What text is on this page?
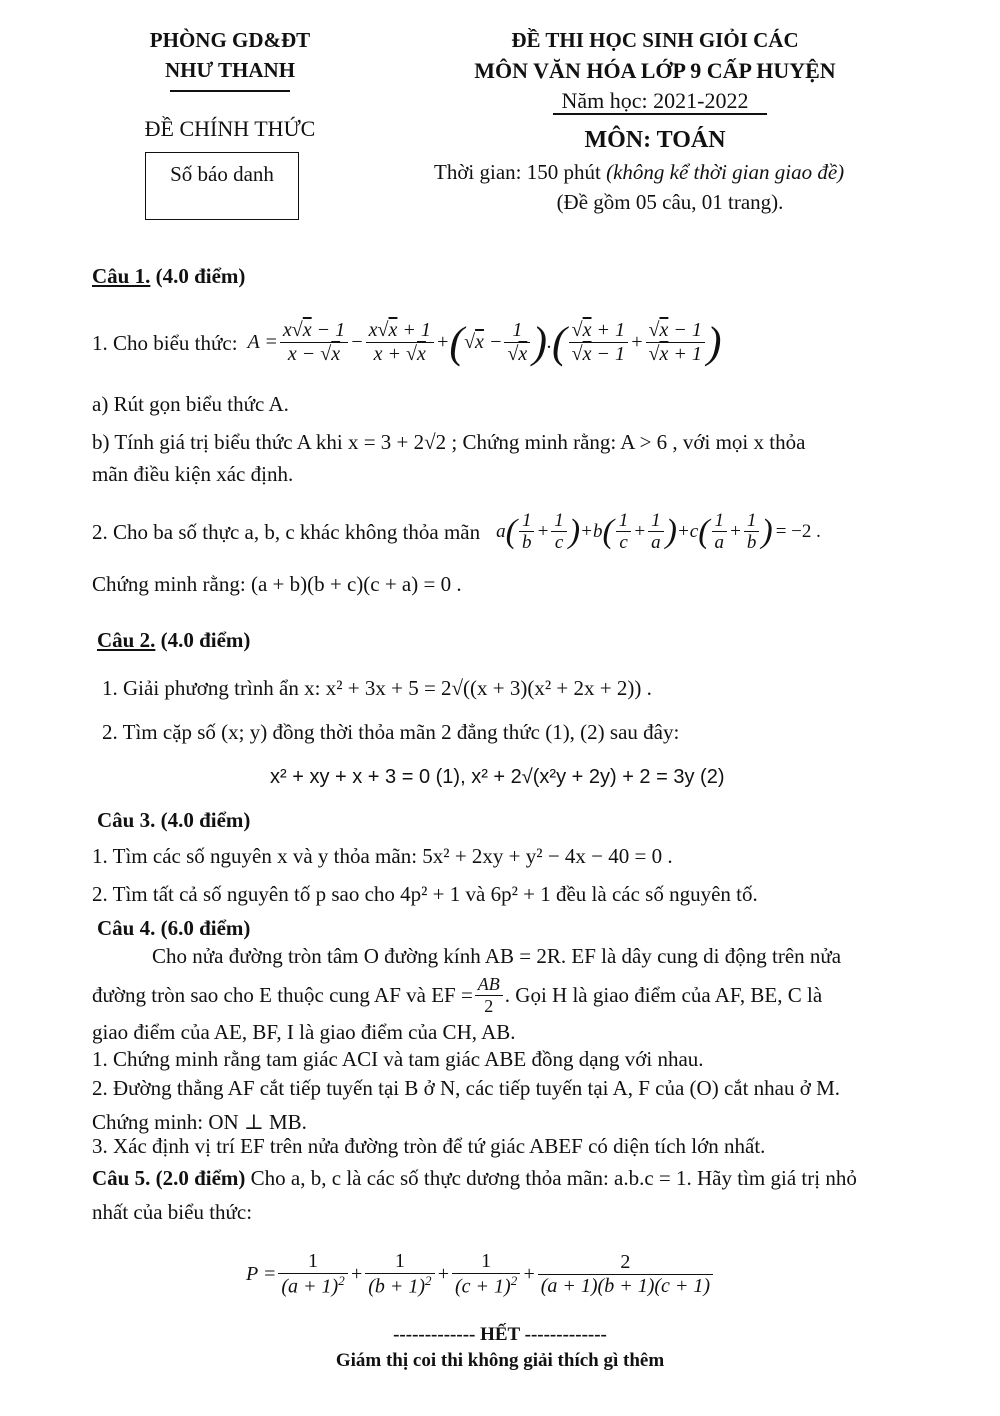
PHÒNG GD&ĐT
NHƯ THANH
ĐỀ CHÍNH THỨC
Số báo danh
ĐỀ THI HỌC SINH GIỎI CÁC
MÔN VĂN HÓA LỚP 9 CẤP HUYỆN
Năm học: 2021-2022
MÔN: TOÁN
Thời gian: 150 phút (không kể thời gian giao đề)
(Đề gồm 05 câu, 01 trang).
Câu 1. (4.0 điểm)
1. Cho biểu thức: $A = \frac{x√x - 1}{x - √x} - \frac{x√x + 1}{x + √x}$ + ( $√x - \frac{1}{√x}$ ) . ( $\frac{√x + 1}{√x - 1} + \frac{√x - 1}{√x + 1}$ )
a) Rút gọn biểu thức A.
b) Tính giá trị biểu thức A khi x = 3 + 2√2 ; Chứng minh rằng: A > 6 , với mọi x thỏa
mãn điều kiện xác định.
2. Cho ba số thực a, b, c khác không thỏa mãn a ( $\frac{1}{b} + \frac{1}{c}$ ) +b ( $\frac{1}{c} + \frac{1}{a}$ ) +c ( $\frac{1}{a} + \frac{1}{b}$ ) = −2 .
Chứng minh rằng: (a + b)(b + c)(c + a) = 0 .
Câu 2. (4.0 điểm)
1. Giải phương trình ẩn x: x² + 3x + 5 = 2√((x + 3)(x² + 2x + 2)) .
2. Tìm cặp số (x; y) đồng thời thỏa mãn 2 đẳng thức (1), (2) sau đây:
x² + xy + x + 3 = 0 (1), x² + 2√(x²y + 2y) + 2 = 3y (2)
Câu 3. (4.0 điểm)
1. Tìm các số nguyên x và y thỏa mãn: 5x² + 2xy + y² − 4x − 40 = 0 .
2. Tìm tất cả số nguyên tố p sao cho 4p² + 1 và 6p² + 1 đều là các số nguyên tố.
Câu 4. (6.0 điểm)
Cho nửa đường tròn tâm O đường kính AB = 2R. EF là dây cung di động trên nửa
đường tròn sao cho E thuộc cung AF và EF = $\frac{AB}{2}$ . Gọi H là giao điểm của AF, BE, C là
giao điểm của AE, BF, I là giao điểm của CH, AB.
1. Chứng minh rằng tam giác ACI và tam giác ABE đồng dạng với nhau.
2. Đường thẳng AF cắt tiếp tuyến tại B ở N, các tiếp tuyến tại A, F của (O) cắt nhau ở M.
Chứng minh: ON ⊥ MB.
3. Xác định vị trí EF trên nửa đường tròn để tứ giác ABEF có diện tích lớn nhất.
Câu 5. (2.0 điểm) Cho a, b, c là các số thực dương thỏa mãn: a.b.c = 1. Hãy tìm giá trị nhỏ
nhất của biểu thức:
$P = \frac{1}{(a + 1)^2} + \frac{1}{(b + 1)^2} + \frac{1}{(c + 1)^2} + \frac{2}{(a + 1)(b + 1)(c + 1)}$
------------- HẾT -------------
Giám thị coi thi không giải thích gì thêm
